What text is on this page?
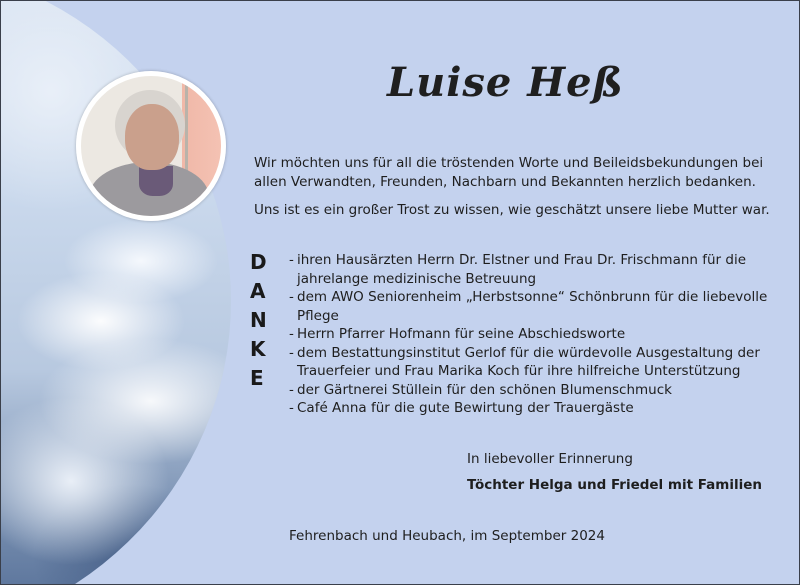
Luise Heß

Wir möchten uns für all die tröstenden Worte und Beileidsbekundungen bei allen Verwandten, Freunden, Nachbarn und Bekannten herzlich bedanken.

Uns ist es ein großer Trost zu wissen, wie geschätzt unsere liebe Mutter war.

D
A
N
K
E
- ihren Hausärzten Herrn Dr. Elstner und Frau Dr. Frischmann für die
jahrelange medizinische Betreuung
- dem AWO Seniorenheim „Herbstsonne“ Schönbrunn für die liebevolle
Pflege
- Herrn Pfarrer Hofmann für seine Abschiedsworte
- dem Bestattungsinstitut Gerlof für die würdevolle Ausgestaltung der
Trauerfeier und Frau Marika Koch für ihre hilfreiche Unterstützung
- der Gärtnerei Stüllein für den schönen Blumenschmuck
- Café Anna für die gute Bewirtung der Trauergäste

In liebevoller Erinnerung

Töchter Helga und Friedel mit Familien

Fehrenbach und Heubach, im September 2024
